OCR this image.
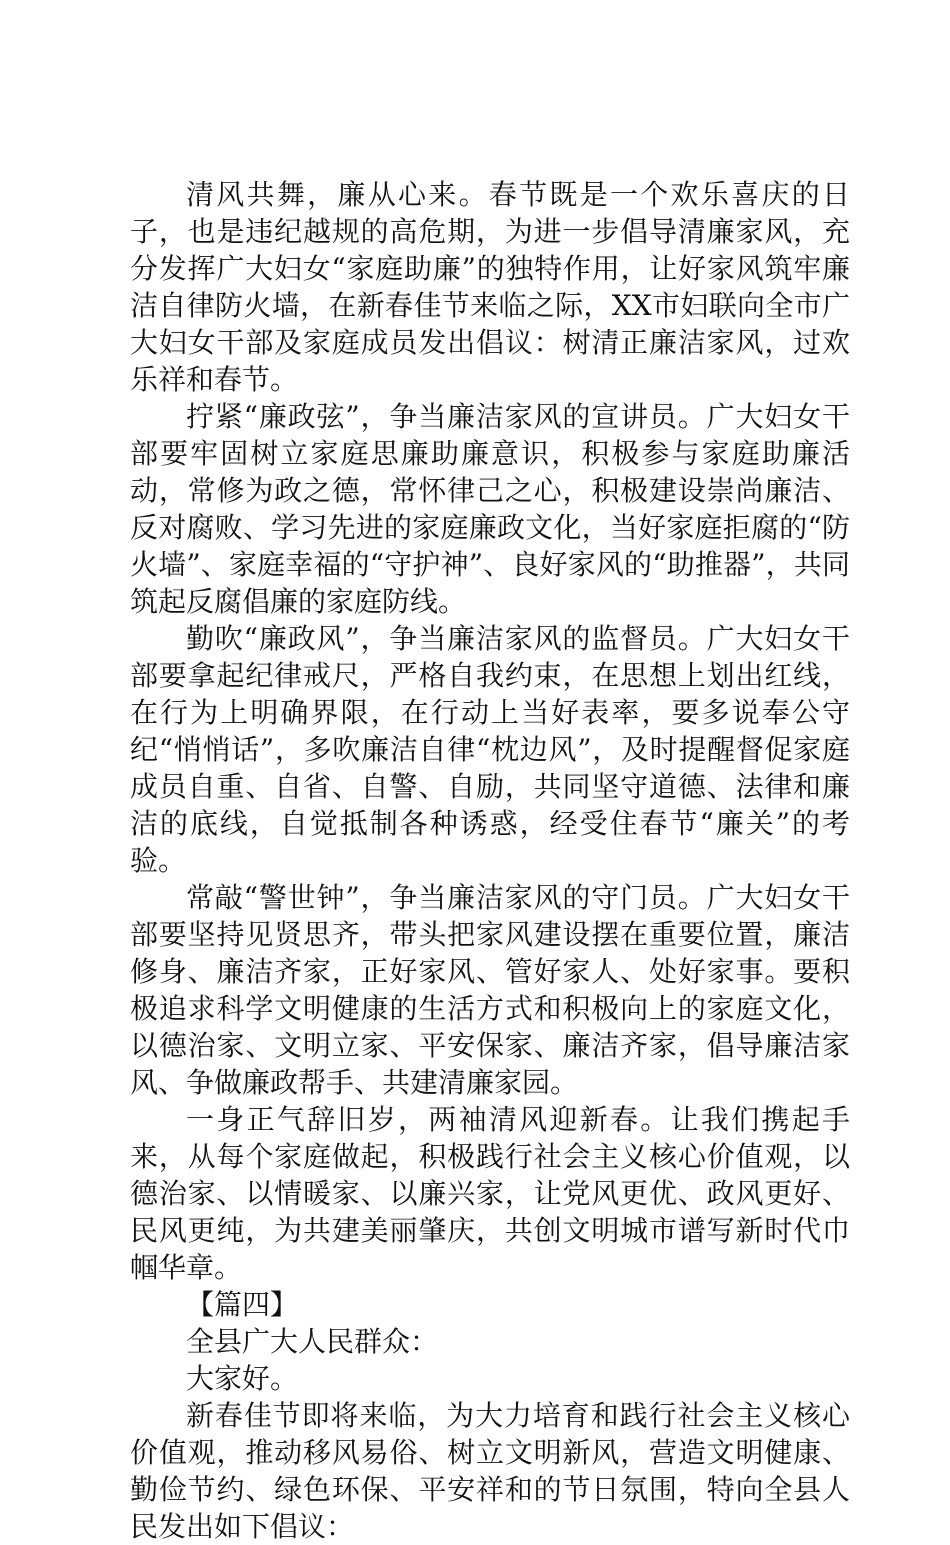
清风共舞，廉从心来。春节既是一个欢乐喜庆的日子，也是违纪越规的高危期，为进一步倡导清廉家风，充分发挥广大妇女“家庭助廉”的独特作用，让好家风筑牢廉洁自律防火墙，在新春佳节来临之际，XX市妇联向全市广大妇女干部及家庭成员发出倡议：树清正廉洁家风，过欢乐祥和春节。

拧紧“廉政弦”，争当廉洁家风的宣讲员。广大妇女干部要牢固树立家庭思廉助廉意识，积极参与家庭助廉活动，常修为政之德，常怀律己之心，积极建设崇尚廉洁、反对腐败、学习先进的家庭廉政文化，当好家庭拒腐的“防火墙”、家庭幸福的“守护神”、良好家风的“助推器”，共同筑起反腐倡廉的家庭防线。

勤吹“廉政风”，争当廉洁家风的监督员。广大妇女干部要拿起纪律戒尺，严格自我约束，在思想上划出红线，在行为上明确界限，在行动上当好表率，要多说奉公守纪“悄悄话”，多吹廉洁自律“枕边风”，及时提醒督促家庭成员自重、自省、自警、自励，共同坚守道德、法律和廉洁的底线，自觉抵制各种诱惑，经受住春节“廉关”的考验。

常敲“警世钟”，争当廉洁家风的守门员。广大妇女干部要坚持见贤思齐，带头把家风建设摆在重要位置，廉洁修身、廉洁齐家，正好家风、管好家人、处好家事。要积极追求科学文明健康的生活方式和积极向上的家庭文化，以德治家、文明立家、平安保家、廉洁齐家，倡导廉洁家风、争做廉政帮手、共建清廉家园。

一身正气辞旧岁，两袖清风迎新春。让我们携起手来，从每个家庭做起，积极践行社会主义核心价值观，以德治家、以情暖家、以廉兴家，让党风更优、政风更好、民风更纯，为共建美丽肇庆，共创文明城市谱写新时代巾帼华章。

【篇四】

全县广大人民群众：

大家好。

新春佳节即将来临，为大力培育和践行社会主义核心价值观，推动移风易俗、树立文明新风，营造文明健康、勤俭节约、绿色环保、平安祥和的节日氛围，特向全县人民发出如下倡议：
